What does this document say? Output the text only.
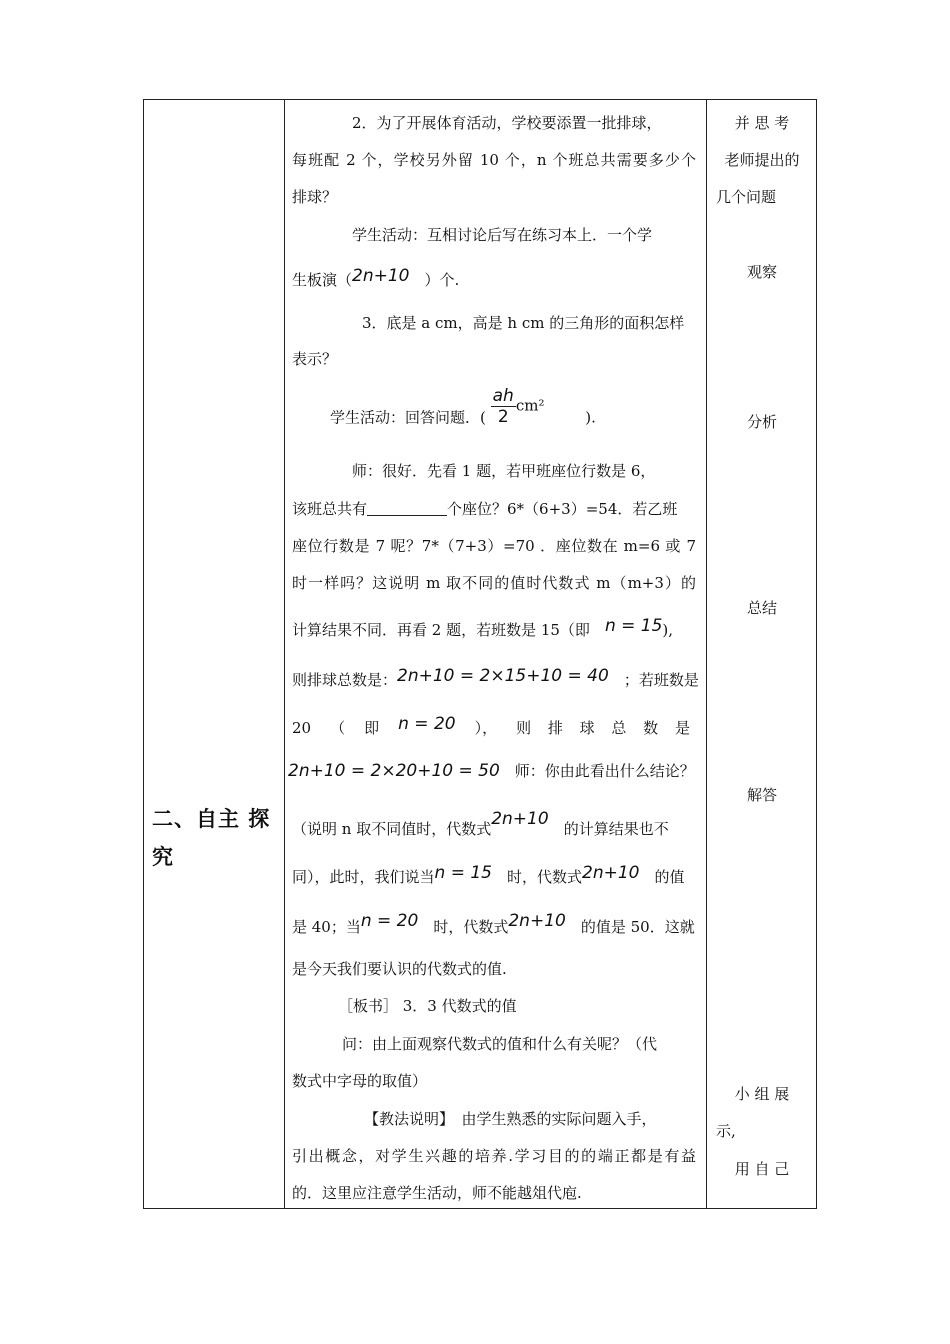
二、自主 探究
2．为了开展体育活动，学校要添置一批排球，
每班配 2 个，学校另外留 10 个，n 个班总共需要多少个
排球？
学生活动：互相讨论后写在练习本上．一个学
生板演（2n+10　 ）个.
3．底是 a cm，高是 h cm 的三角形的面积怎样
表示？
学生活动：回答问题．( $\frac{ah}{2} cm^2$ ).
师：很好．先看 1 题，若甲班座位行数是 6，
该班总共有	个座位？6*（6+3）=54．若乙班
座位行数是 7 呢？7*（7+3）=70 ．座位数在 m=6 或 7
时一样吗？这说明 m 取不同的值时代数式 m（m+3）的
计算结果不同．再看 2 题，若班数是 15（即　 n = 15),
则排球总数是：2n+10 = 2×15+10 = 40　 ；若班数是
20 （ 即 n = 20 ）， 则 排 球 总 数 是
2n+10 = 2×20+10 = 50　 师：你由此看出什么结论？
（说明 n 取不同值时，代数式2n+10　 的计算结果也不
同），此时，我们说当n = 15　 时，代数式2n+10　 的值
是 40；当n = 20　 时，代数式2n+10　 的值是 50．这就
是今天我们要认识的代数式的值.
［板书］ 3．3 代数式的值
问：由上面观察代数式的值和什么有关呢？（代
数式中字母的取值）
【教法说明】　 由学生熟悉的实际问题入手，
引出概念，对学生兴趣的培养.学习目的的端正都是有益
的．这里应注意学生活动，师不能越俎代庖.
并 思 考
老师提出的
几个问题
观察
分析
总结
解答
小 组 展
示,
用 自 己
